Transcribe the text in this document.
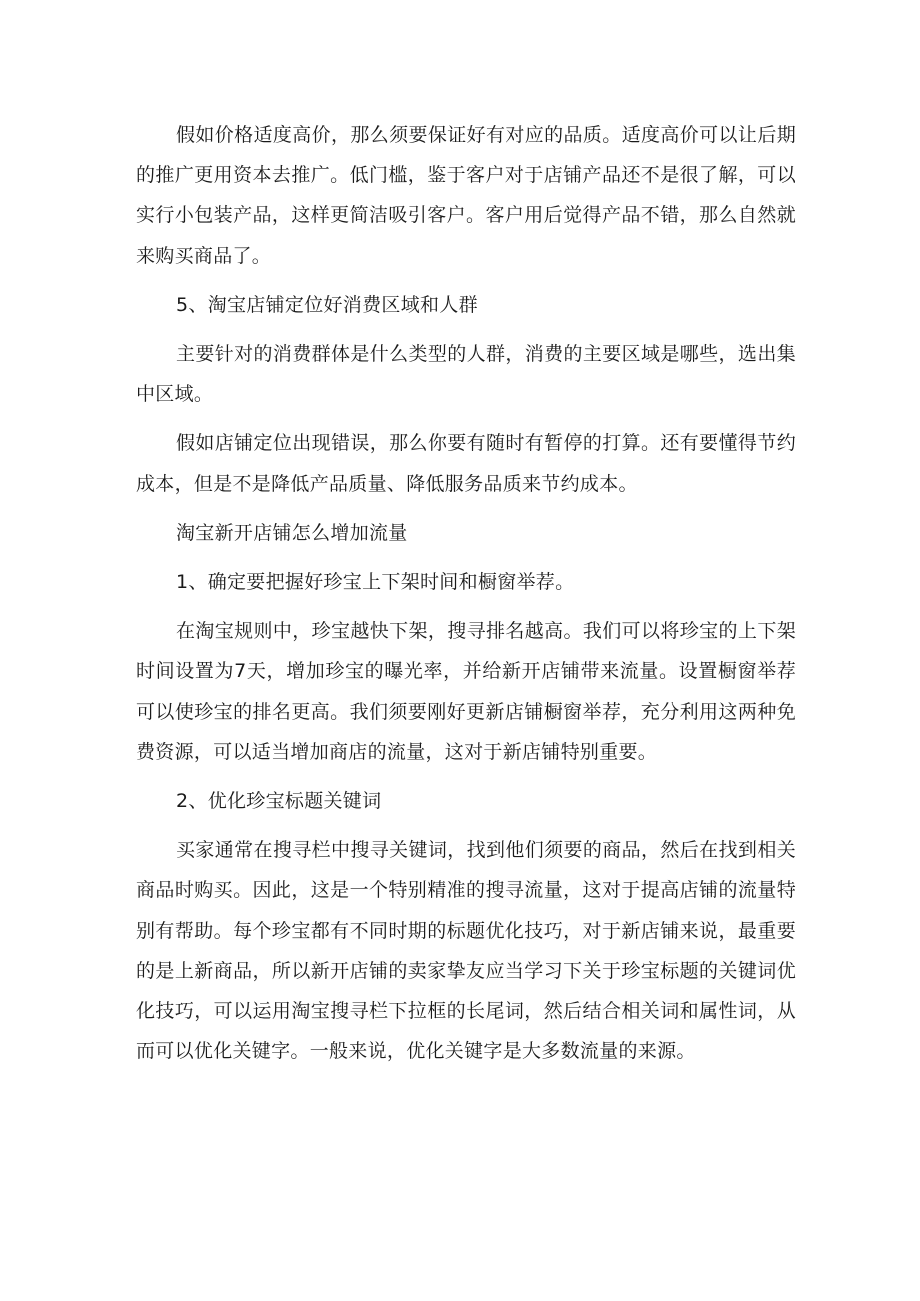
假如价格适度高价，那么须要保证好有对应的品质。适度高价可以让后期的推广更用资本去推广。低门槛，鉴于客户对于店铺产品还不是很了解，可以实行小包装产品，这样更简洁吸引客户。客户用后觉得产品不错，那么自然就来购买商品了。

5、淘宝店铺定位好消费区域和人群

主要针对的消费群体是什么类型的人群，消费的主要区域是哪些，选出集中区域。

假如店铺定位出现错误，那么你要有随时有暂停的打算。还有要懂得节约成本，但是不是降低产品质量、降低服务品质来节约成本。

淘宝新开店铺怎么增加流量

1、确定要把握好珍宝上下架时间和橱窗举荐。

在淘宝规则中，珍宝越快下架，搜寻排名越高。我们可以将珍宝的上下架时间设置为7天，增加珍宝的曝光率，并给新开店铺带来流量。设置橱窗举荐可以使珍宝的排名更高。我们须要刚好更新店铺橱窗举荐，充分利用这两种免费资源，可以适当增加商店的流量，这对于新店铺特别重要。

2、优化珍宝标题关键词

买家通常在搜寻栏中搜寻关键词，找到他们须要的商品，然后在找到相关商品时购买。因此，这是一个特别精准的搜寻流量，这对于提高店铺的流量特别有帮助。每个珍宝都有不同时期的标题优化技巧，对于新店铺来说，最重要的是上新商品，所以新开店铺的卖家挚友应当学习下关于珍宝标题的关键词优化技巧，可以运用淘宝搜寻栏下拉框的长尾词，然后结合相关词和属性词，从而可以优化关键字。一般来说，优化关键字是大多数流量的来源。
